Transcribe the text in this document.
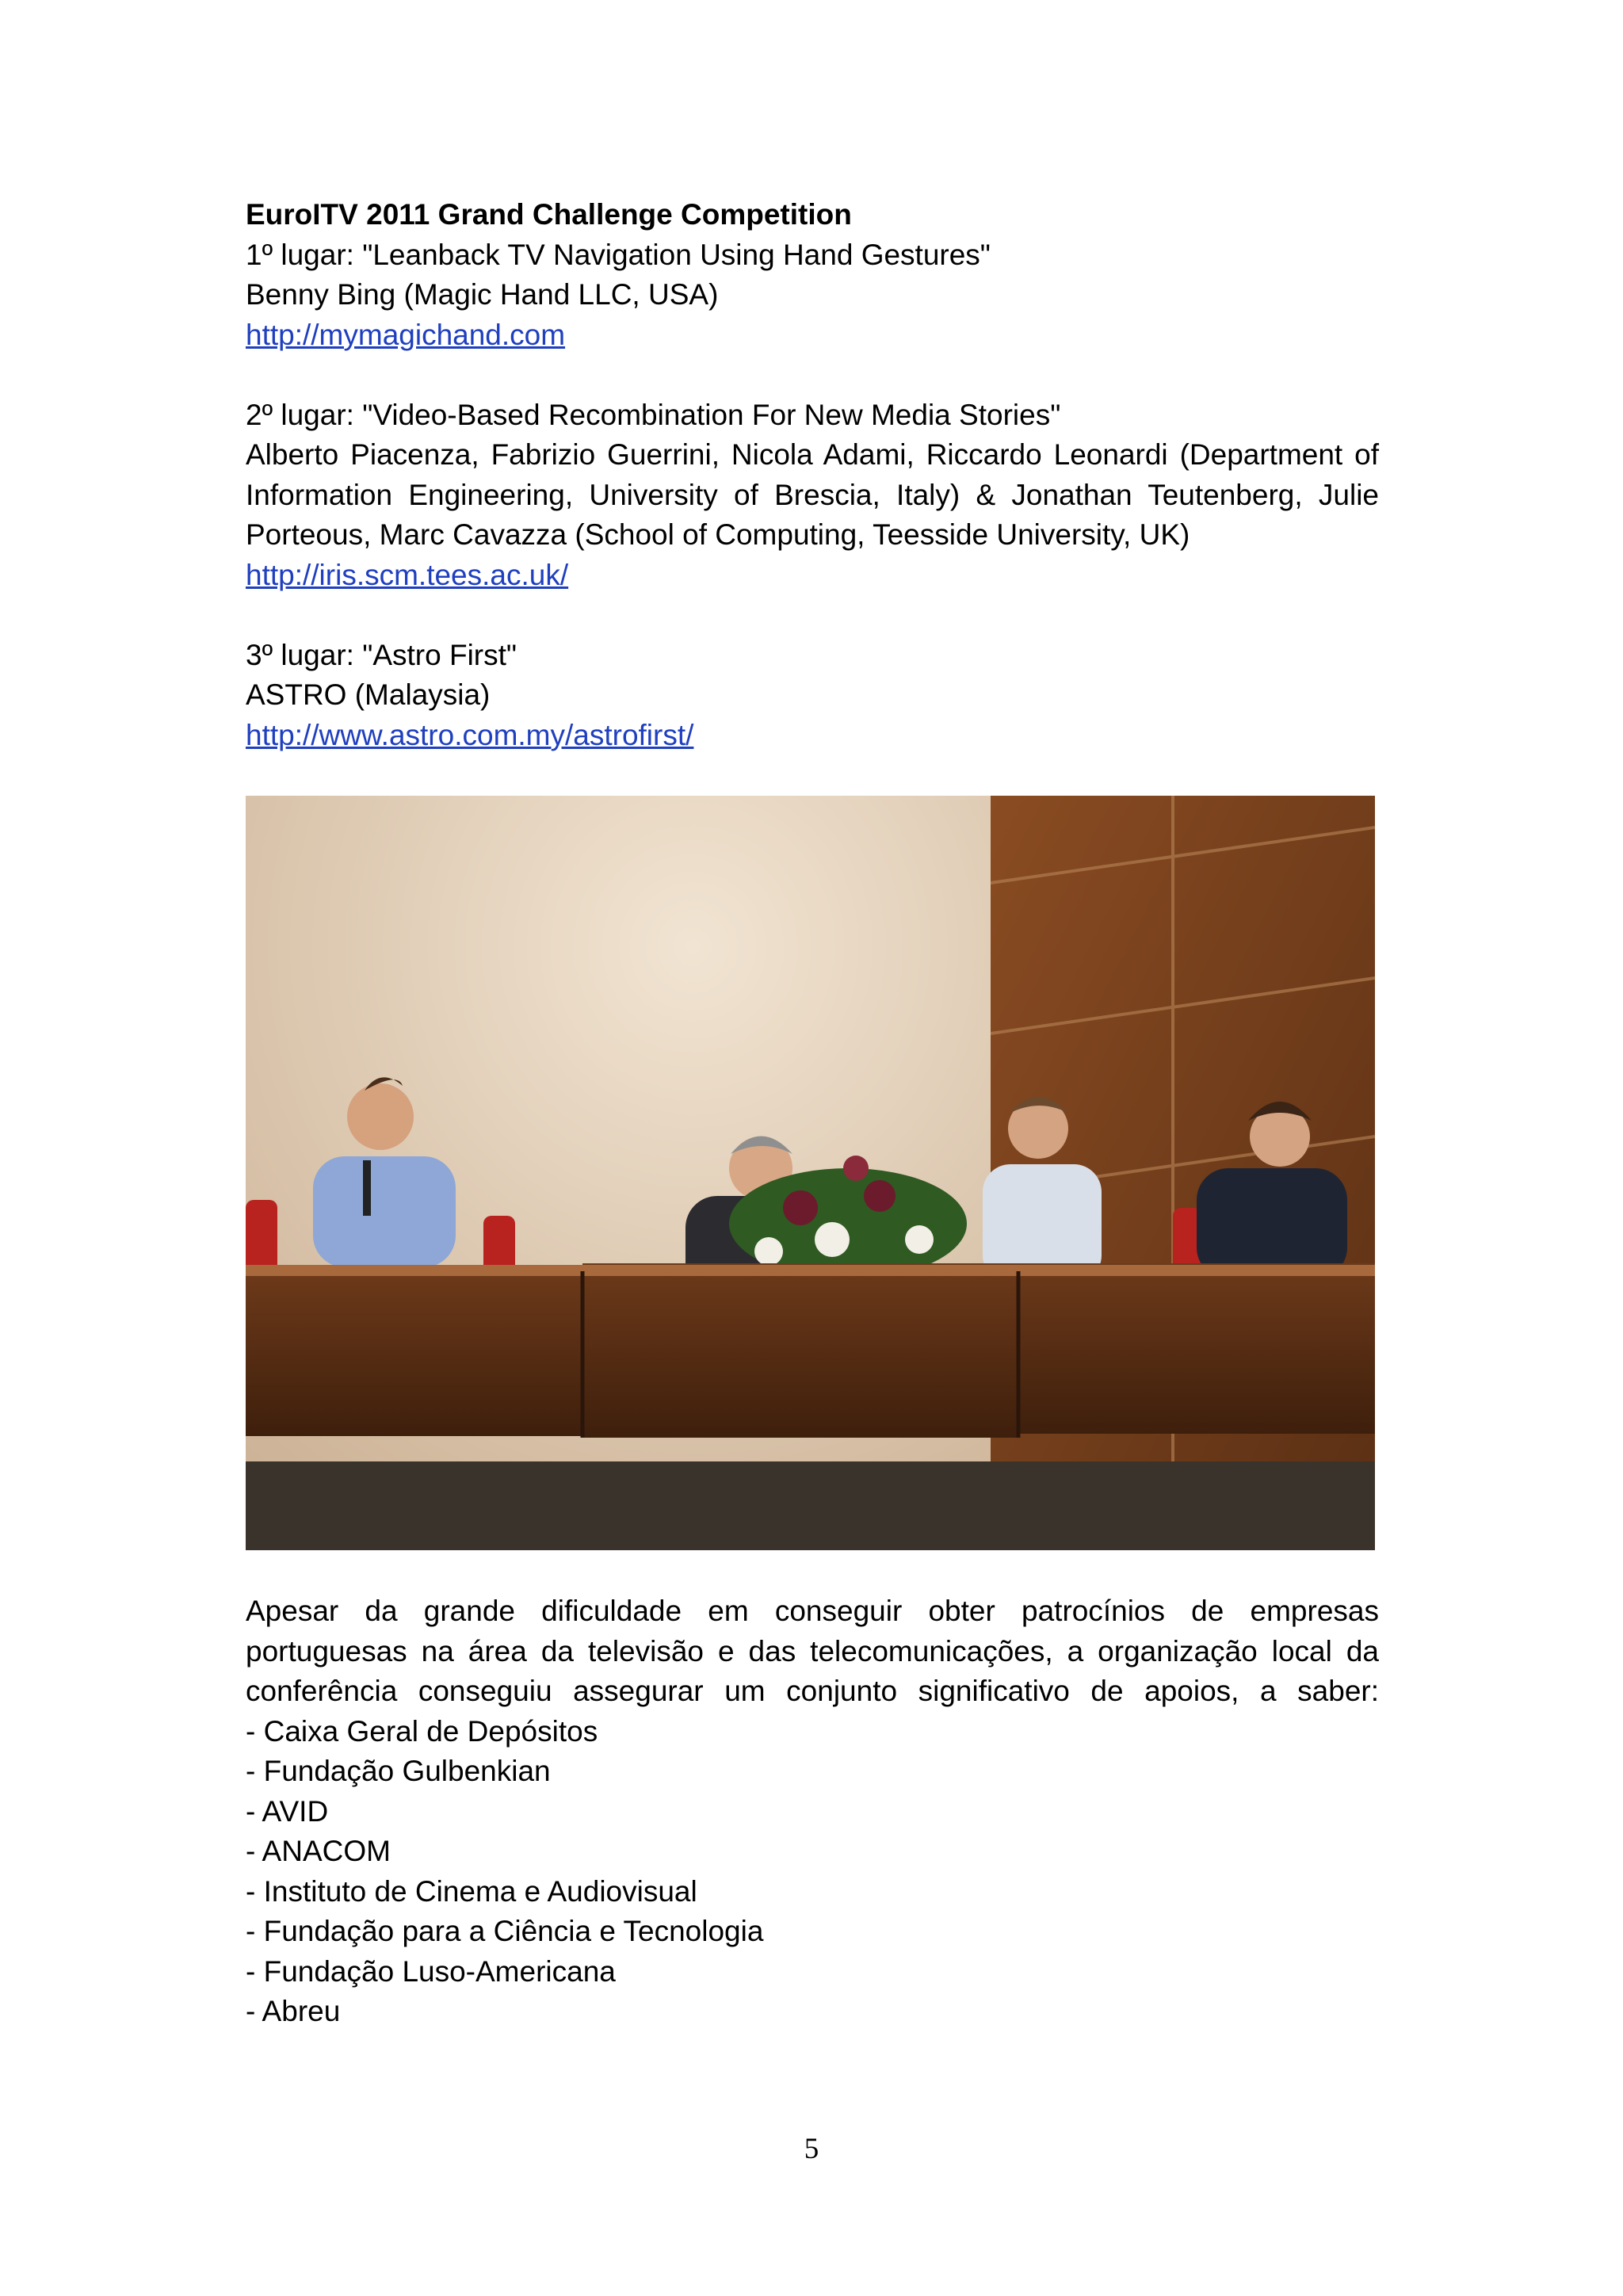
EuroITV 2011 Grand Challenge Competition
1º lugar: "Leanback TV Navigation Using Hand Gestures"
Benny Bing (Magic Hand LLC, USA)
http://mymagichand.com
2º lugar: "Video-Based Recombination For New Media Stories"
Alberto Piacenza, Fabrizio Guerrini, Nicola Adami, Riccardo Leonardi (Department of
Information Engineering, University of Brescia, Italy) & Jonathan Teutenberg, Julie
Porteous, Marc Cavazza (School of Computing, Teesside University, UK)
http://iris.scm.tees.ac.uk/
3º lugar: "Astro First"
ASTRO (Malaysia)
http://www.astro.com.my/astrofirst/
Apesar da grande dificuldade em conseguir obter patrocínios de empresas
portuguesas na área da televisão e das telecomunicações, a organização local da
conferência conseguiu assegurar um conjunto significativo de apoios, a saber:
- Caixa Geral de Depósitos
- Fundação Gulbenkian
- AVID
- ANACOM
- Instituto de Cinema e Audiovisual
- Fundação para a Ciência e Tecnologia
- Fundação Luso-Americana
- Abreu
5
